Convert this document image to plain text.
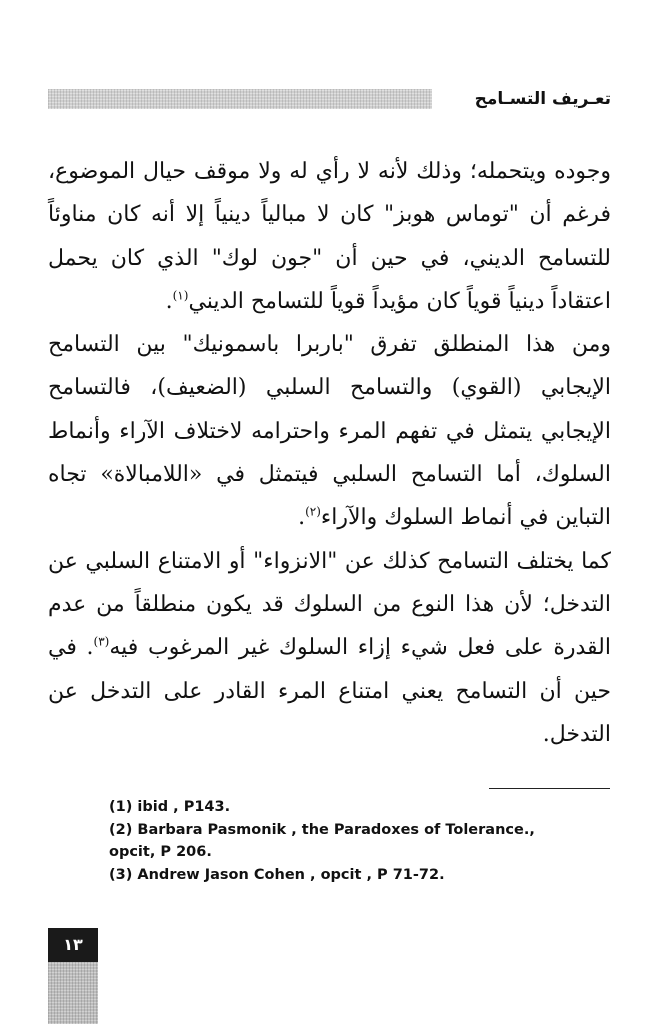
تعـريف التسـامح

وجوده ويتحمله؛ وذلك لأنه لا رأي له ولا موقف حيال الموضوع، فرغم أن "توماس هوبز" كان لا مبالياً دينياً إلا أنه كان مناوئاً للتسامح الديني، في حين أن "جون لوك" الذي كان يحمل اعتقاداً دينياً قوياً كان مؤيداً قوياً للتسامح الديني$^{(١)}$.

ومن هذا المنطلق تفرق "باربرا باسمونيك" بين التسامح الإيجابي (القوي) والتسامح السلبي (الضعيف)، فالتسامح الإيجابي يتمثل في تفهم المرء واحترامه لاختلاف الآراء وأنماط السلوك، أما التسامح السلبي فيتمثل في «اللامبالاة» تجاه التباين في أنماط السلوك والآراء$^{(٢)}$.

كما يختلف التسامح كذلك عن "الانزواء" أو الامتناع السلبي عن التدخل؛ لأن هذا النوع من السلوك قد يكون منطلقاً من عدم القدرة على فعل شيء إزاء السلوك غير المرغوب فيه$^{(٣)}$. في حين أن التسامح يعني امتناع المرء القادر على التدخل عن التدخل.

(1) ibid , P143.
(2) Barbara Pasmonik , the Paradoxes of Tolerance.,
opcit, P 206.
(3) Andrew Jason Cohen , opcit , P 71-72.
١٣
